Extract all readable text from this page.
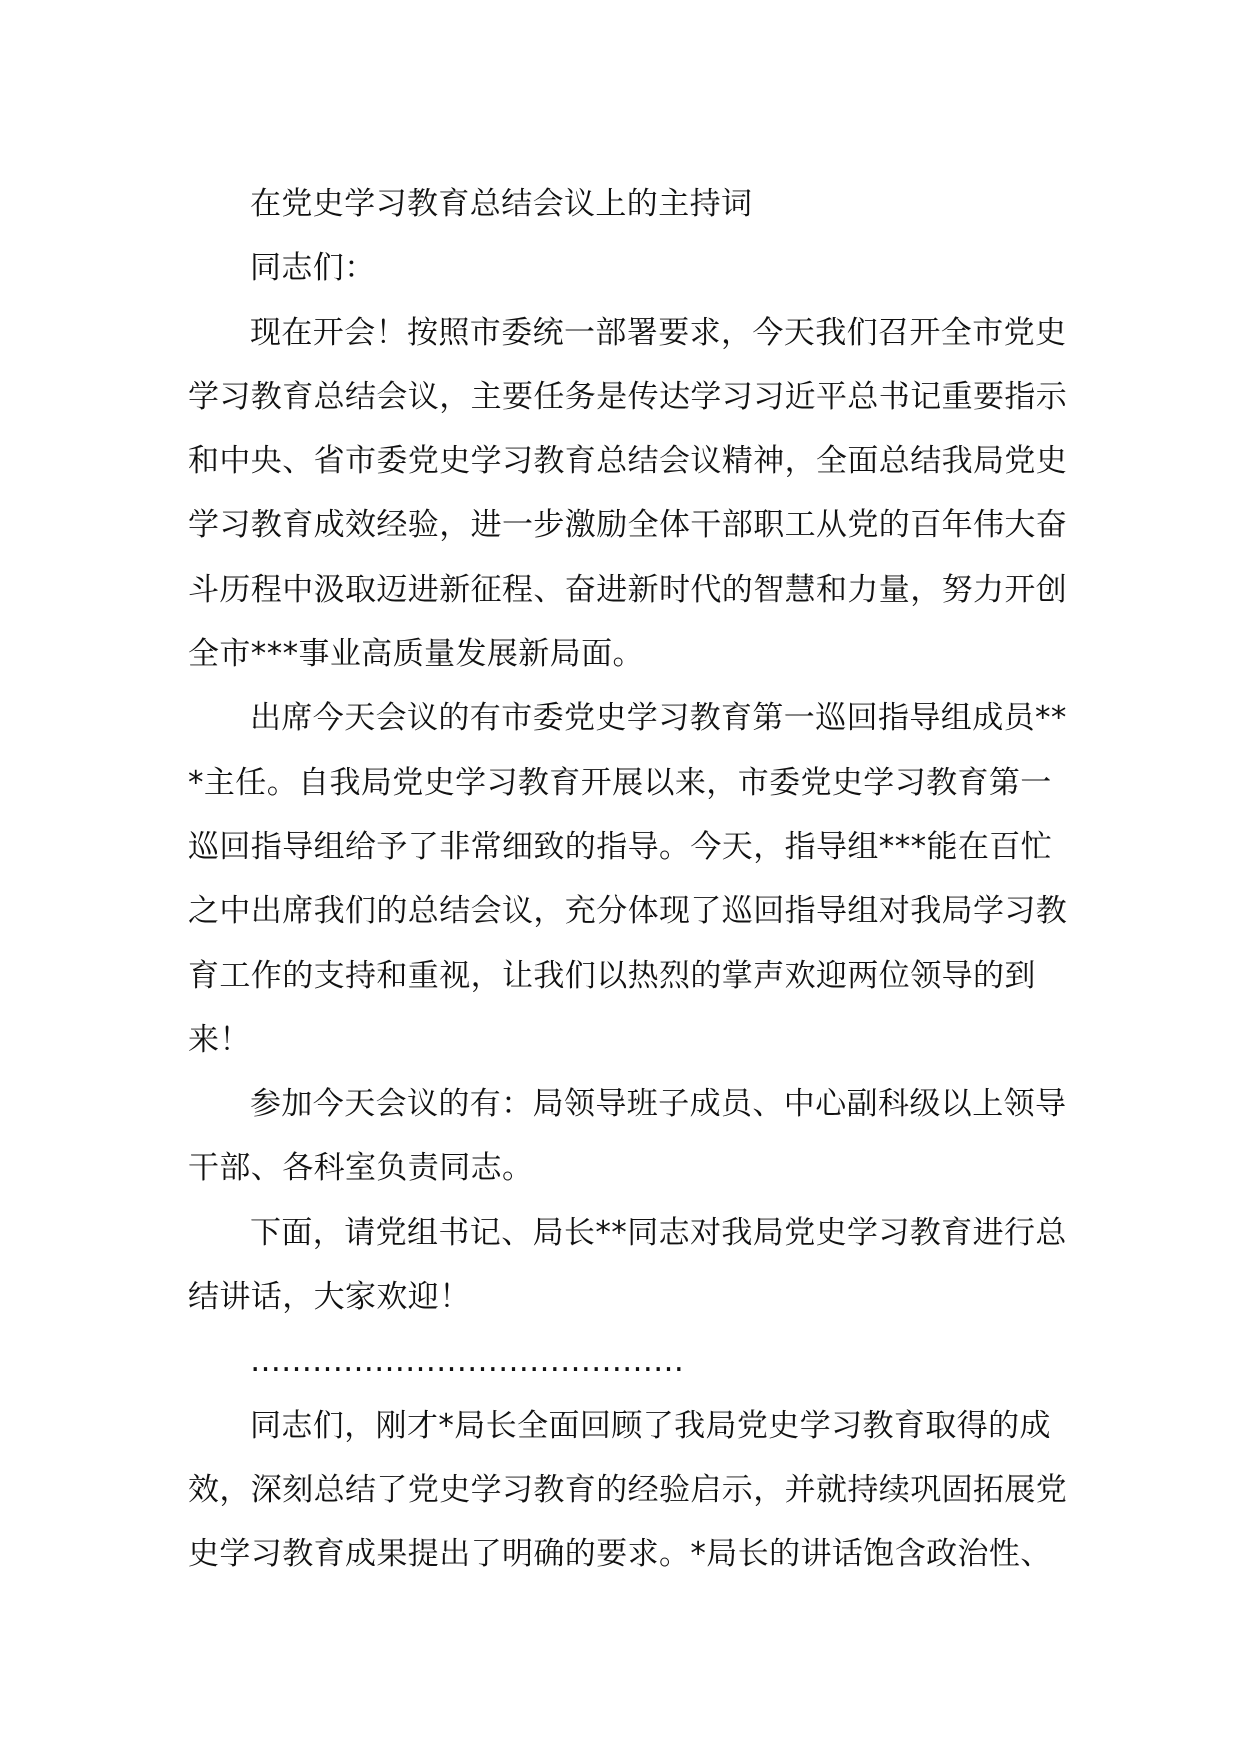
在党史学习教育总结会议上的主持词

同志们：

现在开会！按照市委统一部署要求，今天我们召开全市党史学习教育总结会议，主要任务是传达学习习近平总书记重要指示和中央、省市委党史学习教育总结会议精神，全面总结我局党史学习教育成效经验，进一步激励全体干部职工从党的百年伟大奋斗历程中汲取迈进新征程、奋进新时代的智慧和力量，努力开创全市***事业高质量发展新局面。

出席今天会议的有市委党史学习教育第一巡回指导组成员***主任。自我局党史学习教育开展以来，市委党史学习教育第一巡回指导组给予了非常细致的指导。今天，指导组***能在百忙之中出席我们的总结会议，充分体现了巡回指导组对我局学习教育工作的支持和重视，让我们以热烈的掌声欢迎两位领导的到来！

参加今天会议的有：局领导班子成员、中心副科级以上领导干部、各科室负责同志。

下面，请党组书记、局长**同志对我局党史学习教育进行总结讲话，大家欢迎！

……………………………………

同志们，刚才*局长全面回顾了我局党史学习教育取得的成效，深刻总结了党史学习教育的经验启示，并就持续巩固拓展党史学习教育成果提出了明确的要求。*局长的讲话饱含政治性、
